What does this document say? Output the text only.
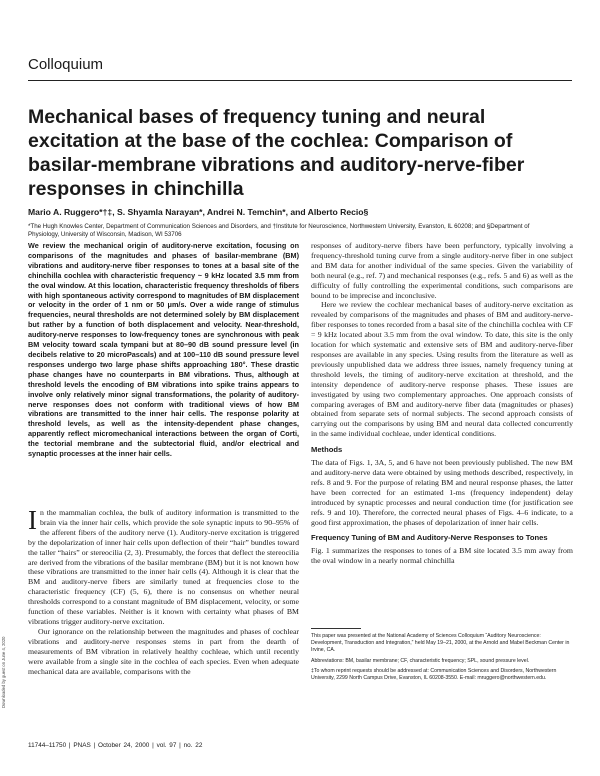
Colloquium
Mechanical bases of frequency tuning and neural excitation at the base of the cochlea: Comparison of basilar-membrane vibrations and auditory-nerve-fiber responses in chinchilla
Mario A. Ruggero*†‡, S. Shyamla Narayan*, Andrei N. Temchin*, and Alberto Recio§
*The Hugh Knowles Center, Department of Communication Sciences and Disorders, and †Institute for Neuroscience, Northwestern University, Evanston, IL 60208; and §Department of Physiology, University of Wisconsin, Madison, WI 53706

We review the mechanical origin of auditory-nerve excitation, focusing on comparisons of the magnitudes and phases of basilar-membrane (BM) vibrations and auditory-nerve fiber responses to tones at a basal site of the chinchilla cochlea with characteristic frequency ~ 9 kHz located 3.5 mm from the oval window. At this location, characteristic frequency thresholds of fibers with high spontaneous activity correspond to magnitudes of BM displacement or velocity in the order of 1 nm or 50 μm/s. Over a wide range of stimulus frequencies, neural thresholds are not determined solely by BM displacement but rather by a function of both displacement and velocity. Near-threshold, auditory-nerve responses to low-frequency tones are synchronous with peak BM velocity toward scala tympani but at 80–90 dB sound pressure level (in decibels relative to 20 microPascals) and at 100–110 dB sound pressure level responses undergo two large phase shifts approaching 180°. These drastic phase changes have no counterparts in BM vibrations. Thus, although at threshold levels the encoding of BM vibrations into spike trains appears to involve only relatively minor signal transformations, the polarity of auditory-nerve responses does not conform with traditional views of how BM vibrations are transmitted to the inner hair cells. The response polarity at threshold levels, as well as the intensity-dependent phase changes, apparently reflect micromechanical interactions between the organ of Corti, the tectorial membrane and the subtectorial fluid, and/or electrical and synaptic processes at the inner hair cells.

In the mammalian cochlea, the bulk of auditory information is transmitted to the brain via the inner hair cells, which provide the sole synaptic inputs to 90–95% of the afferent fibers of the auditory nerve (1). Auditory-nerve excitation is triggered by the depolarization of inner hair cells upon deflection of their “hair” bundles toward the taller “hairs” or stereocilia (2, 3). Presumably, the forces that deflect the stereocilia are derived from the vibrations of the basilar membrane (BM) but it is not known how these vibrations are transmitted to the inner hair cells (4). Although it is clear that the BM and auditory-nerve fibers are similarly tuned at frequencies close to the characteristic frequency (CF) (5, 6), there is no consensus on whether neural thresholds correspond to a constant magnitude of BM displacement, velocity, or some function of these variables. Neither is it known with certainty what phases of BM vibrations trigger auditory-nerve excitation.

Our ignorance on the relationship between the magnitudes and phases of cochlear vibrations and auditory-nerve responses stems in part from the dearth of measurements of BM vibration in relatively healthy cochleae, which until recently were available from a single site in the cochlea of each species. Even when adequate mechanical data are available, comparisons with the

responses of auditory-nerve fibers have been perfunctory, typically involving a frequency-threshold tuning curve from a single auditory-nerve fiber in one subject and BM data for another individual of the same species. Given the variability of both neural (e.g., ref. 7) and mechanical responses (e.g., refs. 5 and 6) as well as the difficulty of fully controlling the experimental conditions, such comparisons are bound to be imprecise and inconclusive.

Here we review the cochlear mechanical bases of auditory-nerve excitation as revealed by comparisons of the magnitudes and phases of BM and auditory-nerve-fiber responses to tones recorded from a basal site of the chinchilla cochlea with CF = 9 kHz located about 3.5 mm from the oval window. To date, this site is the only location for which systematic and extensive sets of BM and auditory-nerve-fiber responses are available in any species. Using results from the literature as well as previously unpublished data we address three issues, namely frequency tuning at threshold levels, the timing of auditory-nerve excitation at threshold, and the intensity dependence of auditory-nerve response phases. These issues are investigated by using two complementary approaches. One approach consists of comparing averages of BM and auditory-nerve fiber data (magnitudes or phases) obtained from separate sets of normal subjects. The second approach consists of carrying out the comparisons by using BM and neural data collected concurrently in the same individual cochleae, under identical conditions.

Methods

The data of Figs. 1, 3A, 5, and 6 have not been previously published. The new BM and auditory-nerve data were obtained by using methods described, respectively, in refs. 8 and 9. For the purpose of relating BM and neural response phases, the latter have been corrected for an estimated 1-ms (frequency independent) delay introduced by synaptic processes and neural conduction time (for justification see refs. 9 and 10). Therefore, the corrected neural phases of Figs. 4–6 indicate, to a good first approximation, the phases of depolarization of inner hair cells.

Frequency Tuning of BM and Auditory-Nerve Responses to Tones

Fig. 1 summarizes the responses to tones of a BM site located 3.5 mm away from the oval window in a nearly normal chinchilla

This paper was presented at the National Academy of Sciences Colloquium “Auditory Neuroscience: Development, Transduction and Integration,” held May 19–21, 2000, at the Arnold and Mabel Beckman Center in Irvine, CA.

Abbreviations: BM, basilar membrane; CF, characteristic frequency; SPL, sound pressure level.

‡To whom reprint requests should be addressed at: Communication Sciences and Disorders, Northwestern University, 2299 North Campus Drive, Evanston, IL 60208-3550. E-mail: mruggero@northwestern.edu.

11744–11750 | PNAS | October 24, 2000 | vol. 97 | no. 22
Downloaded by guest on June 4, 2020
